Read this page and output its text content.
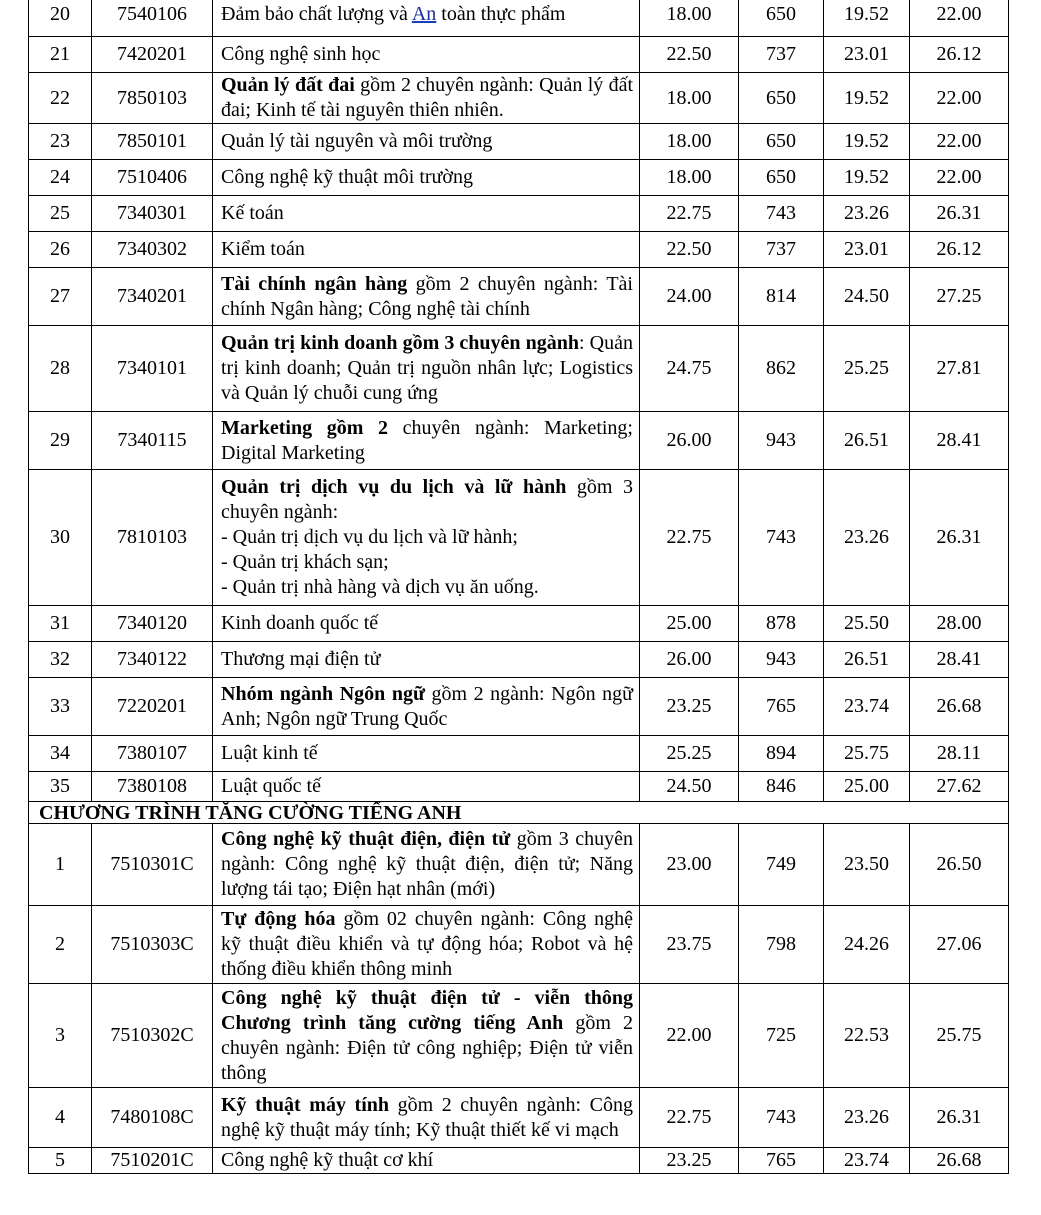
20	7540106	Đảm bảo chất lượng và An toàn thực phẩm	18.00	650	19.52	22.00
21	7420201	Công nghệ sinh học	22.50	737	23.01	26.12
22	7850103	Quản lý đất đai gồm 2 chuyên ngành: Quản lý đất đai; Kinh tế tài nguyên thiên nhiên.	18.00	650	19.52	22.00
23	7850101	Quản lý tài nguyên và môi trường	18.00	650	19.52	22.00
24	7510406	Công nghệ kỹ thuật môi trường	18.00	650	19.52	22.00
25	7340301	Kế toán	22.75	743	23.26	26.31
26	7340302	Kiểm toán	22.50	737	23.01	26.12
27	7340201	Tài chính ngân hàng gồm 2 chuyên ngành: Tài chính Ngân hàng; Công nghệ tài chính	24.00	814	24.50	27.25
28	7340101	Quản trị kinh doanh gồm 3 chuyên ngành: Quản trị kinh doanh; Quản trị nguồn nhân lực; Logistics và Quản lý chuỗi cung ứng	24.75	862	25.25	27.81
29	7340115	Marketing gồm 2 chuyên ngành: Marketing; Digital Marketing	26.00	943	26.51	28.41
30	7810103	Quản trị dịch vụ du lịch và lữ hành gồm 3 chuyên ngành:
- Quản trị dịch vụ du lịch và lữ hành;
- Quản trị khách sạn;
- Quản trị nhà hàng và dịch vụ ăn uống.	22.75	743	23.26	26.31
31	7340120	Kinh doanh quốc tế	25.00	878	25.50	28.00
32	7340122	Thương mại điện tử	26.00	943	26.51	28.41
33	7220201	Nhóm ngành Ngôn ngữ gồm 2 ngành: Ngôn ngữ Anh; Ngôn ngữ Trung Quốc	23.25	765	23.74	26.68
34	7380107	Luật kinh tế	25.25	894	25.75	28.11
35	7380108	Luật quốc tế	24.50	846	25.00	27.62
CHƯƠNG TRÌNH TĂNG CƯỜNG TIẾNG ANH						
1	7510301C	Công nghệ kỹ thuật điện, điện tử gồm 3 chuyên ngành: Công nghệ kỹ thuật điện, điện tử; Năng lượng tái tạo; Điện hạt nhân (mới)	23.00	749	23.50	26.50
2	7510303C	Tự động hóa gồm 02 chuyên ngành: Công nghệ kỹ thuật điều khiển và tự động hóa; Robot và hệ thống điều khiển thông minh	23.75	798	24.26	27.06
3	7510302C	Công nghệ kỹ thuật điện tử - viễn thông Chương trình tăng cường tiếng Anh gồm 2 chuyên ngành: Điện tử công nghiệp; Điện tử viễn thông	22.00	725	22.53	25.75
4	7480108C	Kỹ thuật máy tính gồm 2 chuyên ngành: Công nghệ kỹ thuật máy tính; Kỹ thuật thiết kế vi mạch	22.75	743	23.26	26.31
5	7510201C	Công nghệ kỹ thuật cơ khí	23.25	765	23.74	26.68
